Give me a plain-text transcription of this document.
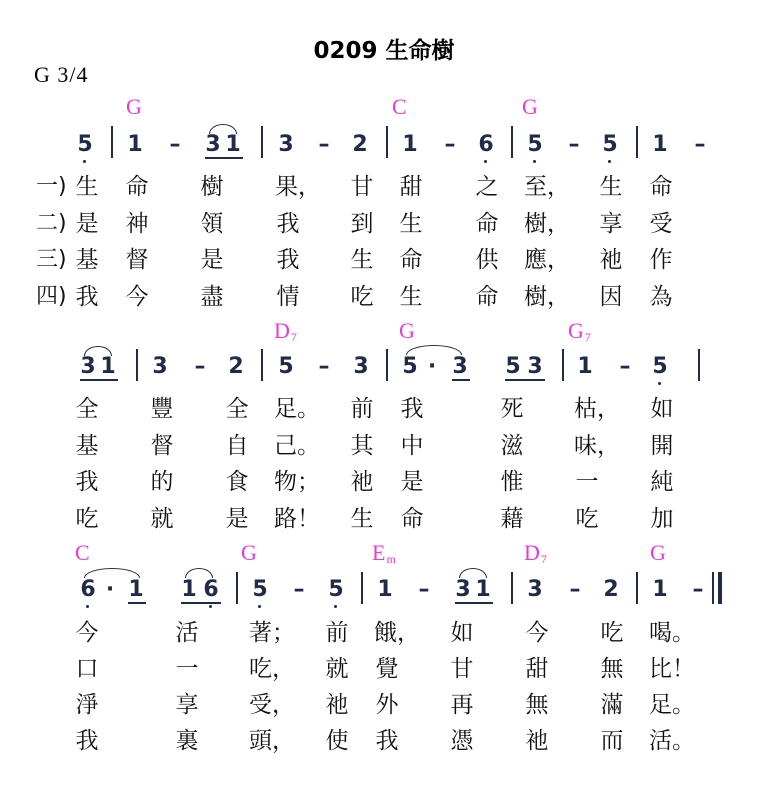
0209 生命樹
G 3/4
G	C	G
5 1 – 3 1 3 – 2 1 – 6 5 – 5 1 –
一)
二)
三)
四)
生 命 樹 果， 甘 甜 之 至， 生 命
是 神 領 我 到 生 命 樹， 享 受
基 督 是 我 生 命 供 應， 祂 作
我 今 盡 情 吃 生 命 樹， 因 為
$D_7$	G	$G_7$
3 1 3 – 2 5 – 3 5 · 3 5 3 1 – 5
全 豐 全 足。 前 我	死 枯， 如
基 督 自 己。 其 中	滋 味， 開
我 的 食 物； 祂 是	惟 一 純
吃 就 是 路！ 生 命	藉 吃 加
C	G	$E_m$	$D_7$	G
6 · 1 1 6 5 – 5 1 – 3 1 3 – 2 1 –
今	活 著； 前 餓， 如 今 吃 喝。
口	一 吃， 就 覺 甘 甜 無 比！
淨	享 受， 祂 外 再 無 滿 足。
我	裏 頭， 使 我 憑 祂 而 活。
